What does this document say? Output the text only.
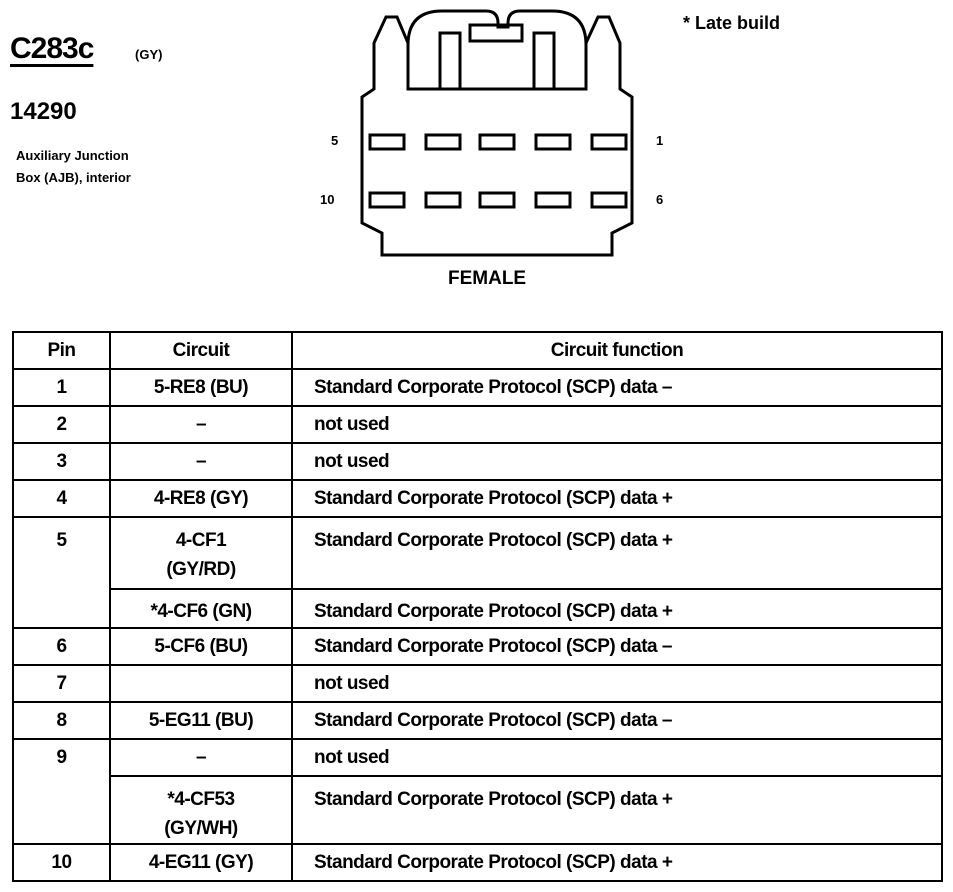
C283c	(GY)
14290
Auxiliary Junction
Box (AJB), interior
* Late build
5	1
10	6
FEMALE
Pin	Circuit	Circuit function
1	5-RE8 (BU)	Standard Corporate Protocol (SCP) data –
2	–	not used
3	–	not used
4	4-RE8 (GY)	Standard Corporate Protocol (SCP) data +
5	4-CF1
(GY/RD)	Standard Corporate Protocol (SCP) data +
	*4-CF6 (GN)	Standard Corporate Protocol (SCP) data +
6	5-CF6 (BU)	Standard Corporate Protocol (SCP) data –
7		not used
8	5-EG11 (BU)	Standard Corporate Protocol (SCP) data –
9	–	not used

	*4-CF53
(GY/WH)	Standard Corporate Protocol (SCP) data +
10	4-EG11 (GY)	Standard Corporate Protocol (SCP) data +
